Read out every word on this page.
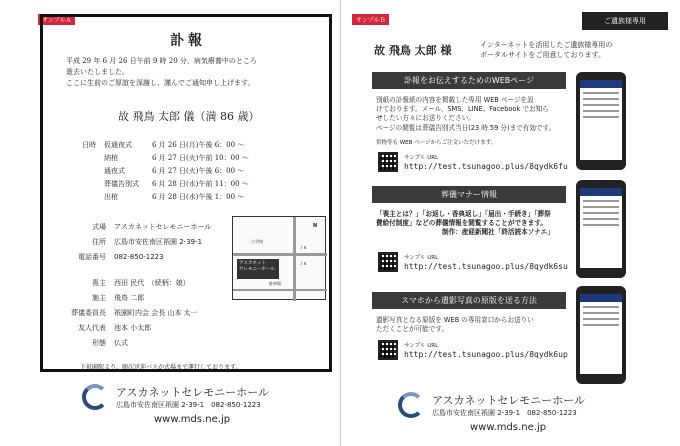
サンプルＡ
訃報
平成 29 年 6 月 26 日午前 9 時 20 分、病気療養中のところ
逝去いたしました。
ここに生前のご厚誼を深謝し、謹んでご通知申し上げます。
故 飛鳥 太郎 儀（満 86 歳）
日時 仮通夜式	6 月 26 日(月)午後 6：00 〜
納棺	6 月 27 日(火)午前 10：00 〜
通夜式	6 月 27 日(火)午後 6：00 〜
葬儀告別式 6 月 28 日(水)午前 11：00 〜
出棺	6 月 28 日(水)午後 1：00 〜
式場 アスカネットセレモニーホール
住所 広島市安佐南区祇園 2-39-1
電話番号 082-850-1223
喪主 西田 民代　（続柄：娘）
施主 飛鳥 二郎
葬儀委員長 祇園町内会 会長 山本 太一
友人代表 池本 小太郎
形態 仏式
小学校
アスカネット
セレモニーホール
ＪＲ
ＪＲ
駐車場
N
下祇園駅より、順次送迎バスが式場まで運行しております。
アスカネットセレモニーホール
広島市安佐南区祇園 2-39-1　082-850-1223
www.mds.ne.jp
サンプルＢ	ご遺族様専用
故 飛鳥 太郎 様	インターネットを活用したご遺族様専用の
ポータルサイトをご用意しております。
訃報をお伝えするためのWEBページ
別紙の訃報紙の内容を掲載した専用 WEB ページを設
けております。メール、SMS、LINE、Facebook でお知ら
せしたい方々にお送りください。
ページの閲覧は葬儀告別式当日(23 時 59 分)まで有効です。
供物等も WEB ページからご注文いただけます。
サンプル URL
http://test.tsunagoo.plus/8qydk6fu
葬儀マナー情報
「喪主とは？」「お返し・香典返し」「届出・手続き」「葬祭
費給付制度」などの葬儀情報を閲覧することができます。
制作：産経新聞社「終活読本ソナエ」
サンプル URL
http://test.tsunagoo.plus/8qydk6su
スマホから遺影写真の原版を送る方法
遺影写真となる原版を WEB の専用窓口からお送りい
ただくことが可能です。
サンプル URL
http://test.tsunagoo.plus/8qydk6up
アスカネットセレモニーホール
広島市安佐南区祇園 2-39-1　082-850-1223
www.mds.ne.jp
